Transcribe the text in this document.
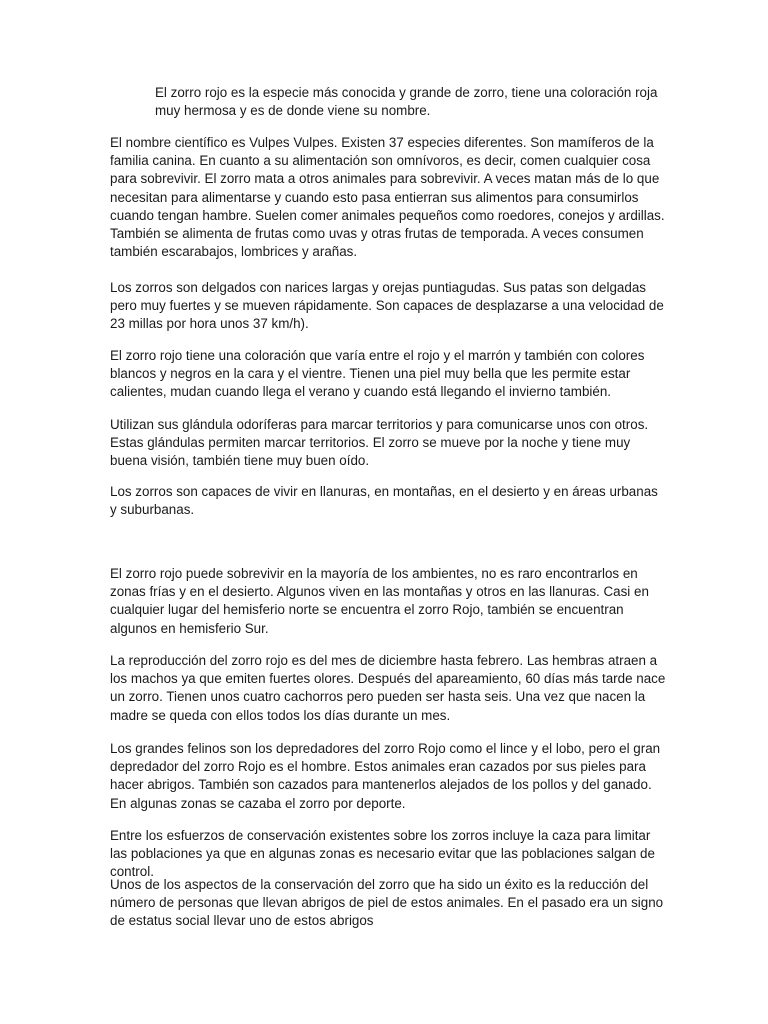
El zorro rojo es la especie más conocida y grande de zorro, tiene una coloración roja muy hermosa y es de donde viene su nombre.

El nombre científico es Vulpes Vulpes. Existen 37 especies diferentes. Son mamíferos de la familia canina. En cuanto a su alimentación son omnívoros, es decir, comen cualquier cosa para sobrevivir. El zorro mata a otros animales para sobrevivir. A veces matan más de lo que necesitan para alimentarse y cuando esto pasa entierran sus alimentos para consumirlos cuando tengan hambre. Suelen comer animales pequeños como roedores, conejos y ardillas. También se alimenta de frutas como uvas y otras frutas de temporada. A veces consumen también escarabajos, lombrices y arañas.

Los zorros son delgados con narices largas y orejas puntiagudas. Sus patas son delgadas pero muy fuertes y se mueven rápidamente. Son capaces de desplazarse a una velocidad de 23 millas por hora unos 37 km/h).

El zorro rojo tiene una coloración que varía entre el rojo y el marrón y también con colores blancos y negros en la cara y el vientre. Tienen una piel muy bella que les permite estar calientes, mudan cuando llega el verano y cuando está llegando el invierno también.

Utilizan sus glándula odoríferas para marcar territorios y para comunicarse unos con otros. Estas glándulas permiten marcar territorios. El zorro se mueve por la noche y tiene muy buena visión, también tiene muy buen oído.

Los zorros son capaces de vivir en llanuras, en montañas, en el desierto y en áreas urbanas y suburbanas.

El zorro rojo puede sobrevivir en la mayoría de los ambientes, no es raro encontrarlos en zonas frías y en el desierto. Algunos viven en las montañas y otros en las llanuras. Casi en cualquier lugar del hemisferio norte se encuentra el zorro Rojo, también se encuentran algunos en hemisferio Sur.

La reproducción del zorro rojo es del mes de diciembre hasta febrero. Las hembras atraen a los machos ya que emiten fuertes olores. Después del apareamiento, 60 días más tarde nace un zorro. Tienen unos cuatro cachorros pero pueden ser hasta seis. Una vez que nacen la madre se queda con ellos todos los días durante un mes.

Los grandes felinos son los depredadores del zorro Rojo como el lince y el lobo, pero el gran depredador del zorro Rojo es el hombre. Estos animales eran cazados por sus pieles para hacer abrigos. También son cazados para mantenerlos alejados de los pollos y del ganado. En algunas zonas se cazaba el zorro por deporte.

Entre los esfuerzos de conservación existentes sobre los zorros incluye la caza para limitar las poblaciones ya que en algunas zonas es necesario evitar que las poblaciones salgan de control.

Unos de los aspectos de la conservación del zorro que ha sido un éxito es la reducción del número de personas que llevan abrigos de piel de estos animales. En el pasado era un signo de estatus social llevar uno de estos abrigos
